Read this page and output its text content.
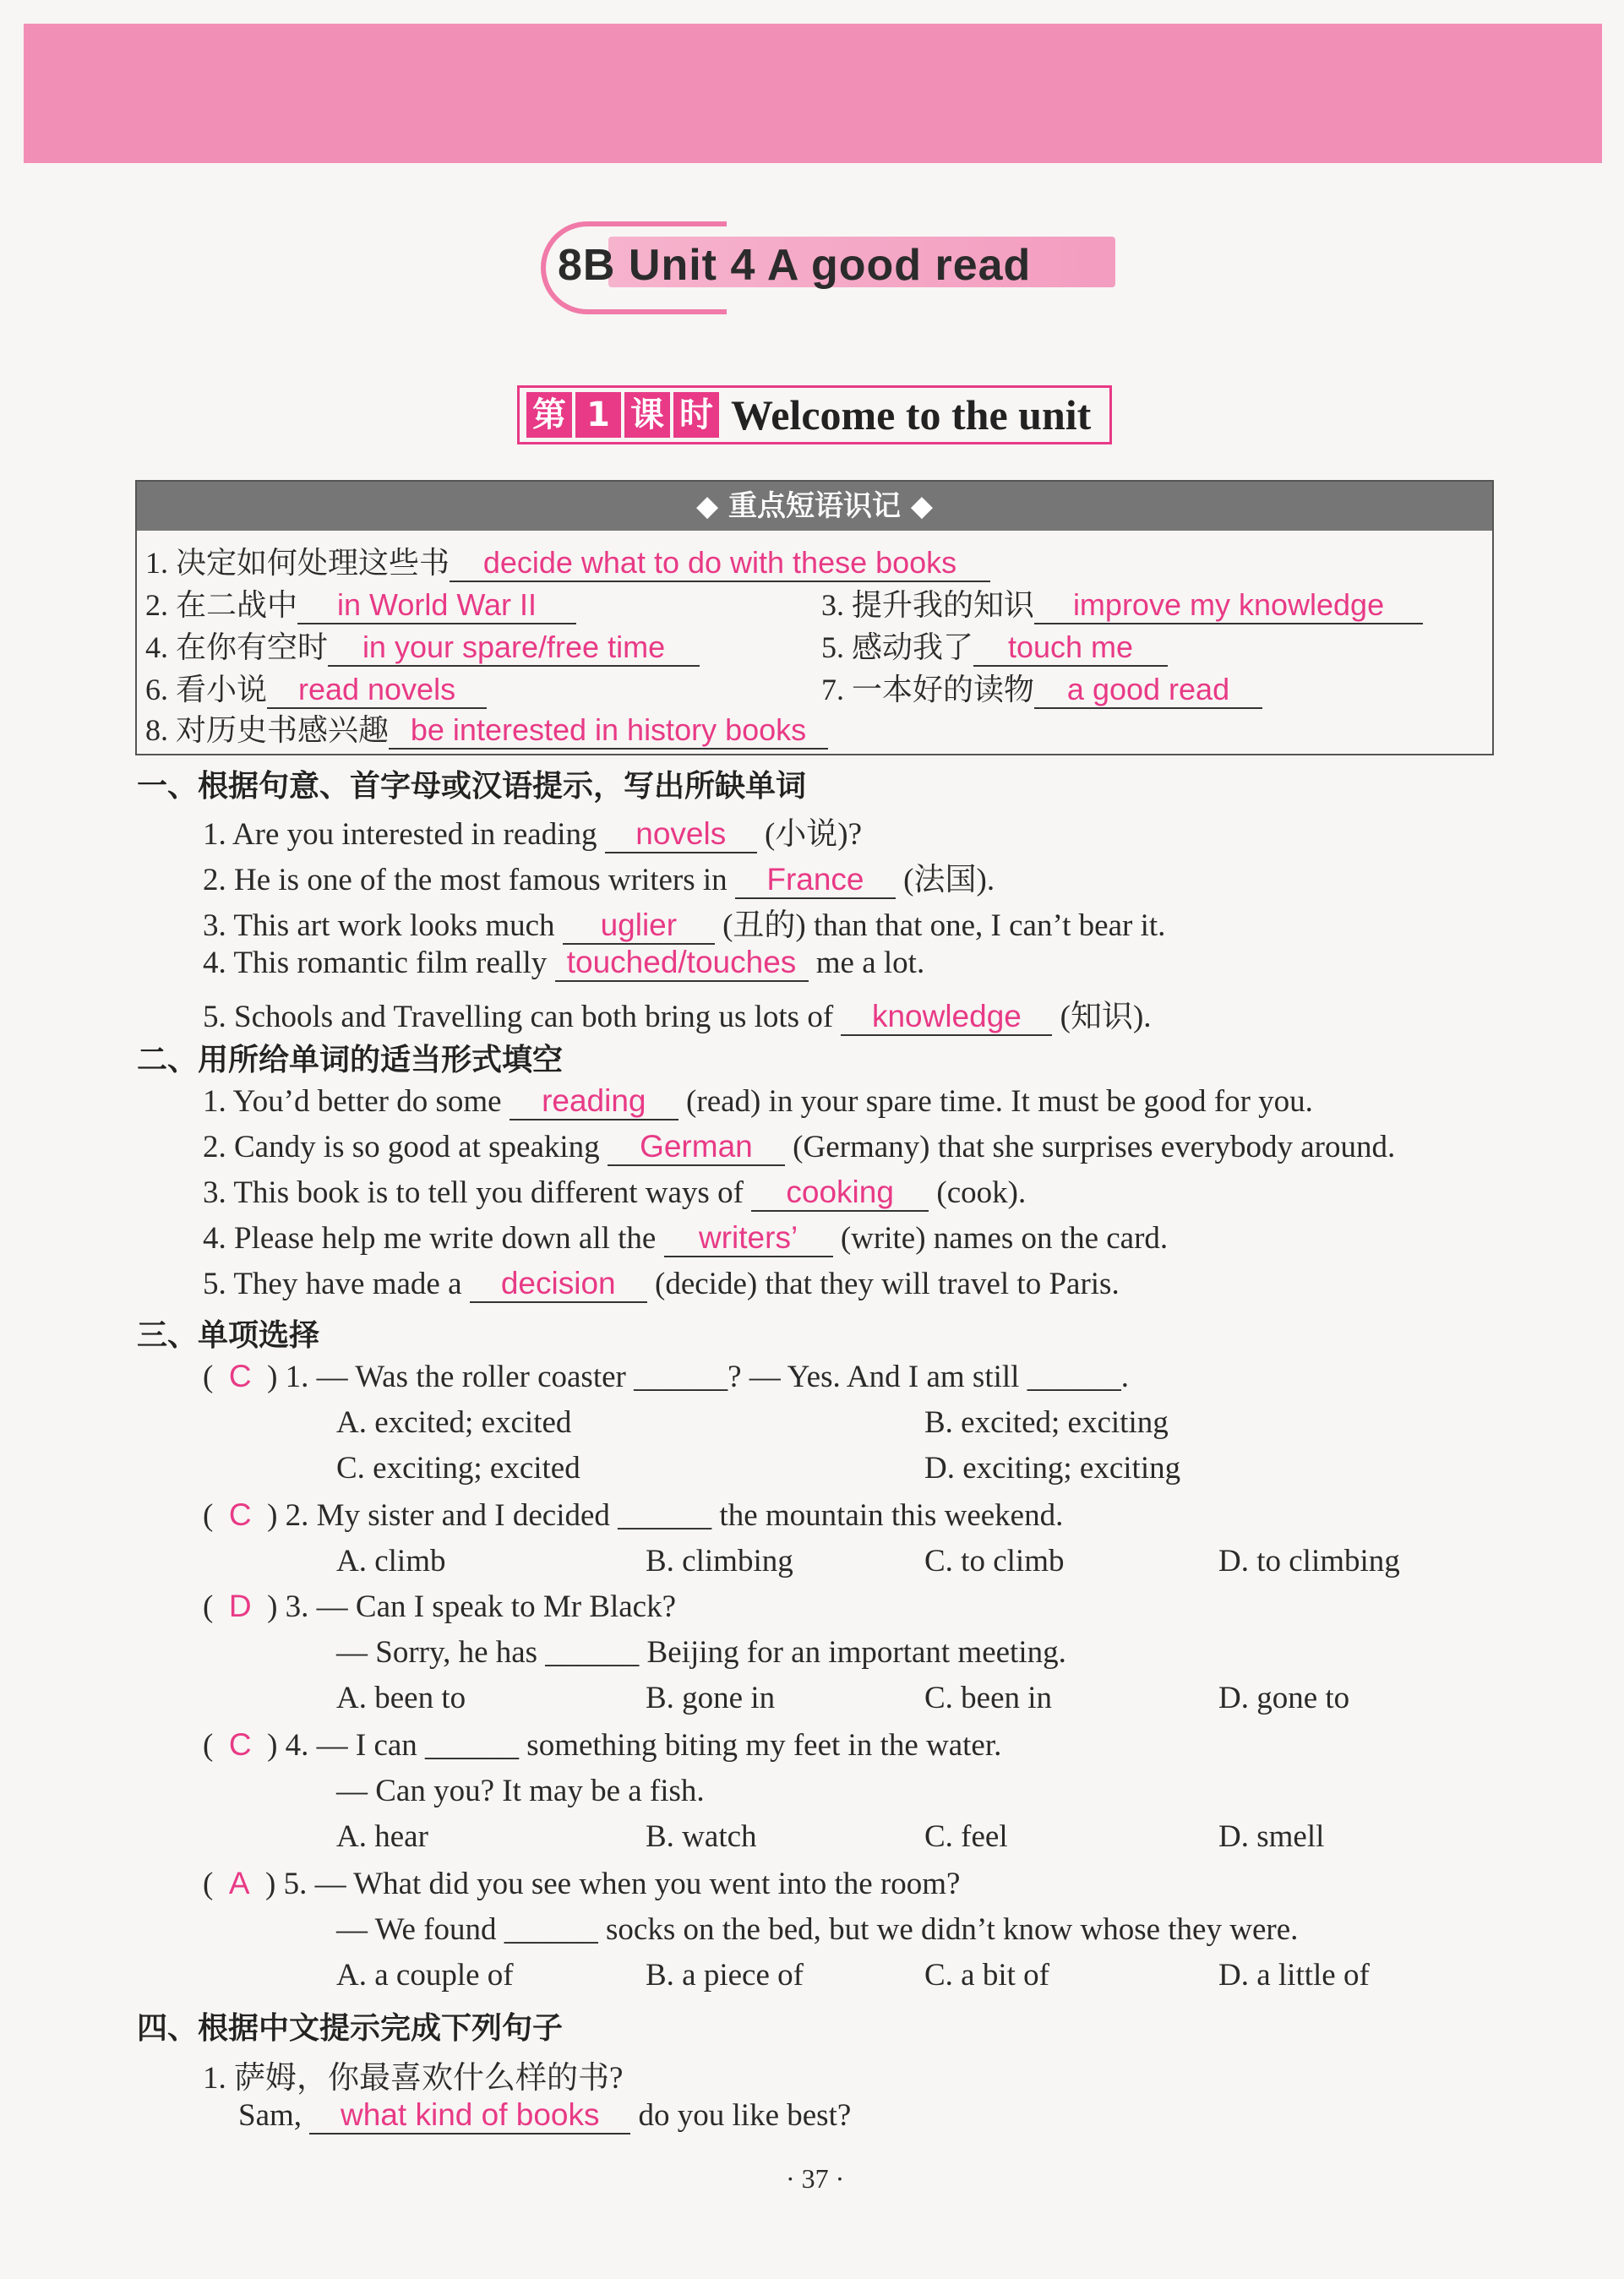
8B Unit 4 A good read
第 1 课 时 Welcome to the unit
◆ 重点短语识记 ◆
1. 决定如何处理这些书 decide what to do with these books
2. 在二战中 in World War II	3. 提升我的知识 improve my knowledge
4. 在你有空时 in your spare/free time	5. 感动我了 touch me
6. 看小说 read novels	7. 一本好的读物 a good read
8. 对历史书感兴趣 be interested in history books
一、根据句意、首字母或汉语提示，写出所缺单词
1. Are you interested in reading novels (小说)?
2. He is one of the most famous writers in France (法国).
3. This art work looks much uglier (丑的) than that one, I can’t bear it.
4. This romantic film really touched/touches me a lot.
5. Schools and Travelling can both bring us lots of knowledge (知识).
二、用所给单词的适当形式填空
1. You’d better do some reading (read) in your spare time. It must be good for you.
2. Candy is so good at speaking German (Germany) that she surprises everybody around.
3. This book is to tell you different ways of cooking (cook).
4. Please help me write down all the writers’ (write) names on the card.
5. They have made a decision (decide) that they will travel to Paris.
三、单项选择
(  C ) 1. — Was the roller coaster ______? — Yes. And I am still ______.
A. excited; excited	B. excited; exciting
C. exciting; excited	D. exciting; exciting
(  C ) 2. My sister and I decided ______ the mountain this weekend.
A. climb	B. climbing	C. to climb	D. to climbing
(  D ) 3. — Can I speak to Mr Black?
— Sorry, he has ______ Beijing for an important meeting.
A. been to	B. gone in	C. been in	D. gone to
(  C ) 4. — I can ______ something biting my feet in the water.
— Can you? It may be a fish.
A. hear	B. watch	C. feel	D. smell
(  A ) 5. — What did you see when you went into the room?
— We found ______ socks on the bed, but we didn’t know whose they were.
A. a couple of	B. a piece of	C. a bit of	D. a little of
四、根据中文提示完成下列句子
1. 萨姆，你最喜欢什么样的书?
Sam, what kind of books do you like best?
· 37 ·
